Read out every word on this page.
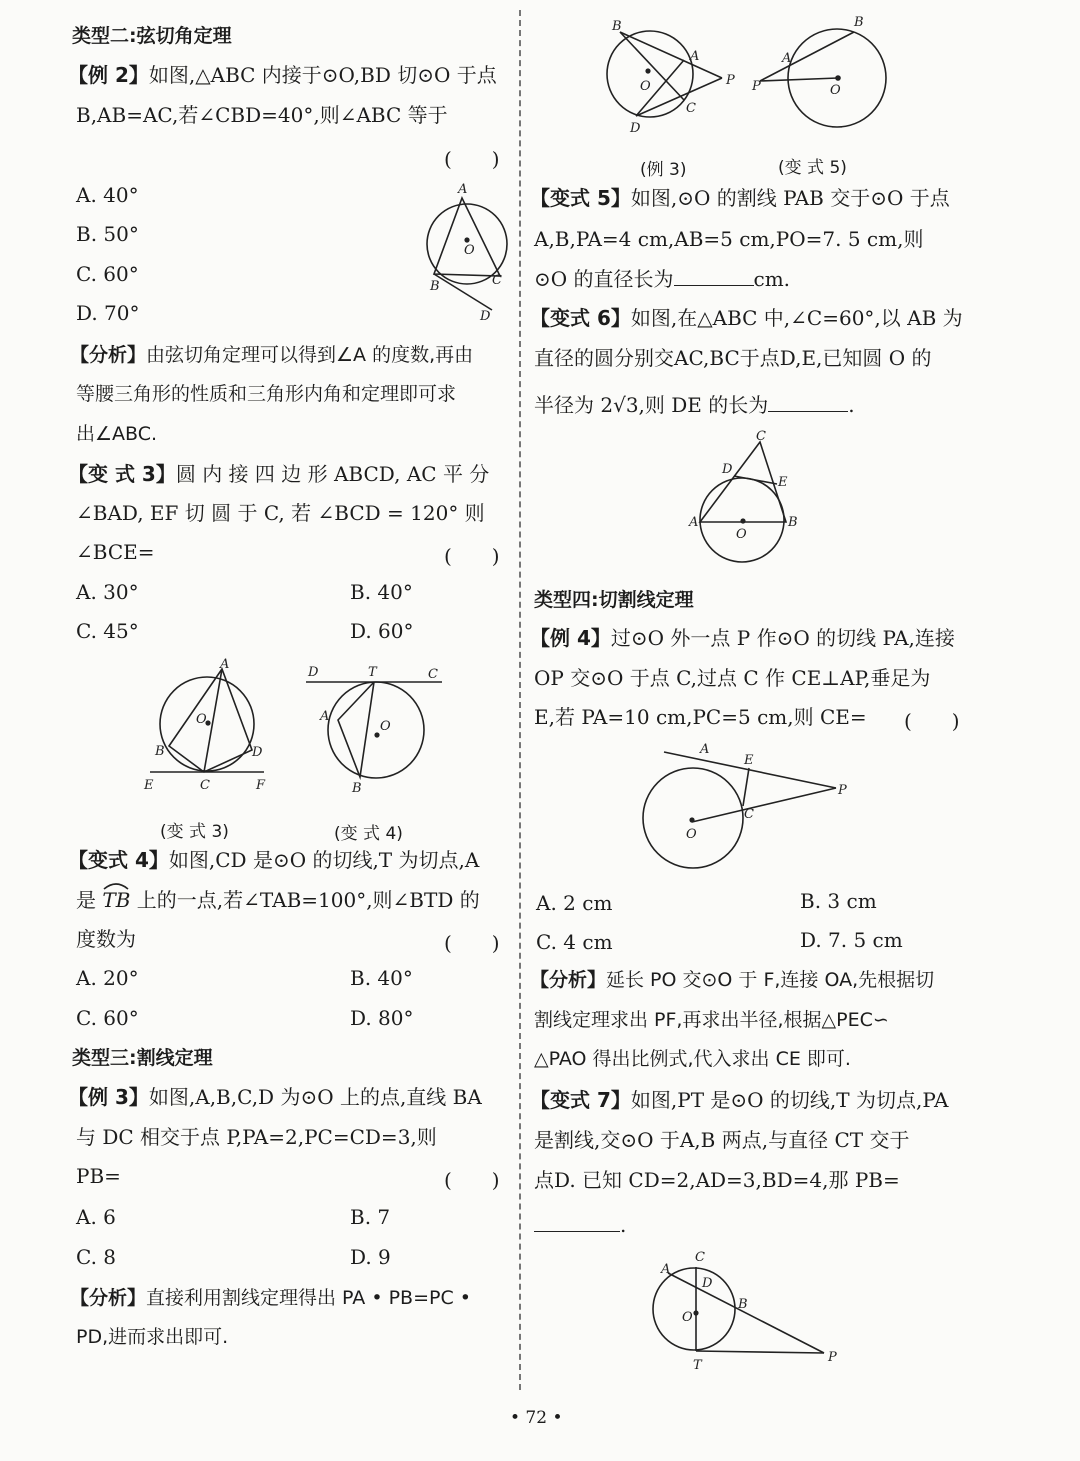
类型二:弦切角定理
【例 2】如图,△ABC 内接于⊙O,BD 切⊙O 于点
B,AB=AC,若∠CBD=40°,则∠ABC 等于
(　　)
A. 40°
B. 50°
C. 60°
D. 70°
A
O
B	C
D
【分析】由弦切角定理可以得到∠A 的度数,再由
等腰三角形的性质和三角形内角和定理即可求
出∠ABC.
【变 式 3】圆 内 接 四 边 形 ABCD, AC 平 分
∠BAD, EF 切 圆 于 C, 若 ∠BCD = 120° 则
∠BCE=	(　　)
A. 30°	B. 40°
C. 45°	D. 60°
A
O
B	D
E	C	F
D	T	C
A
O
B
(变 式 3)	(变 式 4)
【变式 4】如图,CD 是⊙O 的切线,T 为切点,A
是
TB 上的一点,若∠TAB=100°,则∠BTD 的
度数为	(　　)
A. 20°	B. 40°
C. 60°	D. 80°
类型三:割线定理
【例 3】如图,A,B,C,D 为⊙O 上的点,直线 BA
与 DC 相交于点 P,PA=2,PC=CD=3,则
PB=	(　　)
A. 6	B. 7
C. 8	D. 9
【分析】直接利用割线定理得出 PA • PB=PC •
PD,进而求出即可.
B
A
P
O
C
D
B
A
P	O
(例 3)	(变 式 5)
【变式 5】如图,⊙O 的割线 PAB 交于⊙O 于点
A,B,PA=4 cm,AB=5 cm,PO=7. 5 cm,则
⊙O 的直径长为	cm.
【变式 6】如图,在△ABC 中,∠C=60°,以 AB 为
直径的圆分别交AC,BC于点D,E,已知圆 O 的
半径为 2√3,则 DE 的长为	.
C
D
E
A
O
B
类型四:切割线定理
【例 4】过⊙O 外一点 P 作⊙O 的切线 PA,连接
OP 交⊙O 于点 C,过点 C 作 CE⊥AP,垂足为
E,若 PA=10 cm,PC=5 cm,则 CE= (　　)
A
E
P
C
O
A. 2 cm	B. 3 cm
C. 4 cm	D. 7. 5 cm
【分析】延长 PO 交⊙O 于 F,连接 OA,先根据切
割线定理求出 PF,再求出半径,根据△PEC∽
△PAO 得出比例式,代入求出 CE 即可.
【变式 7】如图,PT 是⊙O 的切线,T 为切点,PA
是割线,交⊙O 于A,B 两点,与直径 CT 交于
点D. 已知 CD=2,AD=3,BD=4,那 PB=
.
C
A
D
B
O
T
P
• 72 •
